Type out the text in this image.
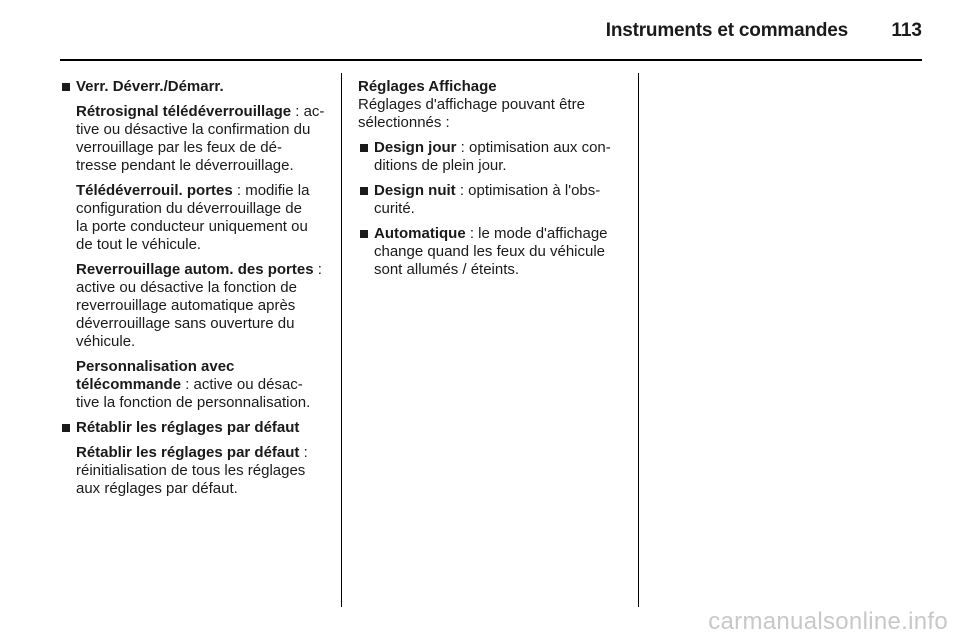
Instruments et commandes 113
Verr. Déverr./Démarr.
Rétrosignal télédéverrouillage : ac-
tive ou désactive la confirmation du
verrouillage par les feux de dé-
tresse pendant le déverrouillage.
Télédéverrouil. portes : modifie la
configuration du déverrouillage de
la porte conducteur uniquement ou
de tout le véhicule.
Reverrouillage autom. des portes :
active ou désactive la fonction de
reverrouillage automatique après
déverrouillage sans ouverture du
véhicule.
Personnalisation avec
télécommande : active ou désac-
tive la fonction de personnalisation.
Rétablir les réglages par défaut
Rétablir les réglages par défaut :
réinitialisation de tous les réglages
aux réglages par défaut.
Réglages Affichage
Réglages d'affichage pouvant être
sélectionnés :
Design jour : optimisation aux con-
ditions de plein jour.
Design nuit : optimisation à l'obs-
curité.
Automatique : le mode d'affichage
change quand les feux du véhicule
sont allumés / éteints.
carmanualsonline.info
